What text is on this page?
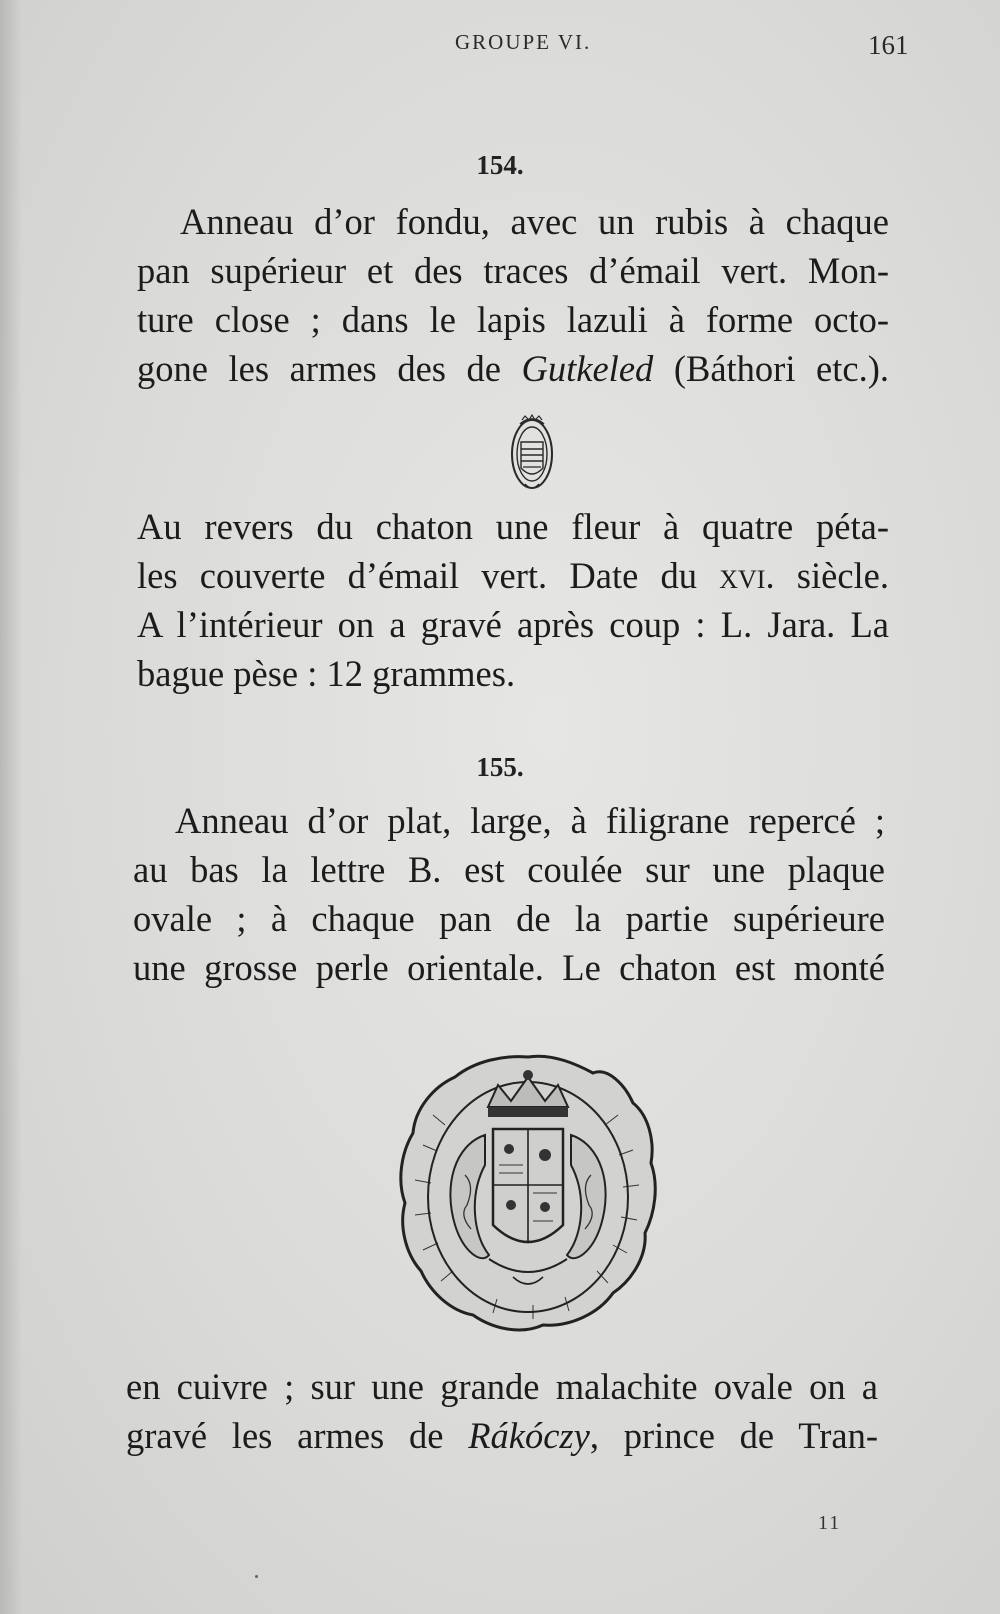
GROUPE VI.	161
154.
Anneau d’or fondu, avec un rubis à chaque
pan supérieur et des traces d’émail vert. Mon-
ture close ; dans le lapis lazuli à forme octo-
gone les armes des de Gutkeled (Báthori etc.).
Au revers du chaton une fleur à quatre péta-
les couverte d’émail vert. Date du xvi. siècle.
A l’intérieur on a gravé après coup : L. Jara. La
bague pèse : 12 grammes.
155.
Anneau d’or plat, large, à filigrane repercé ;
au bas la lettre B. est coulée sur une plaque
ovale ; à chaque pan de la partie supérieure
une grosse perle orientale. Le chaton est monté
en cuivre ; sur une grande malachite ovale on a
gravé les armes de Rákóczy, prince de Tran-
11
